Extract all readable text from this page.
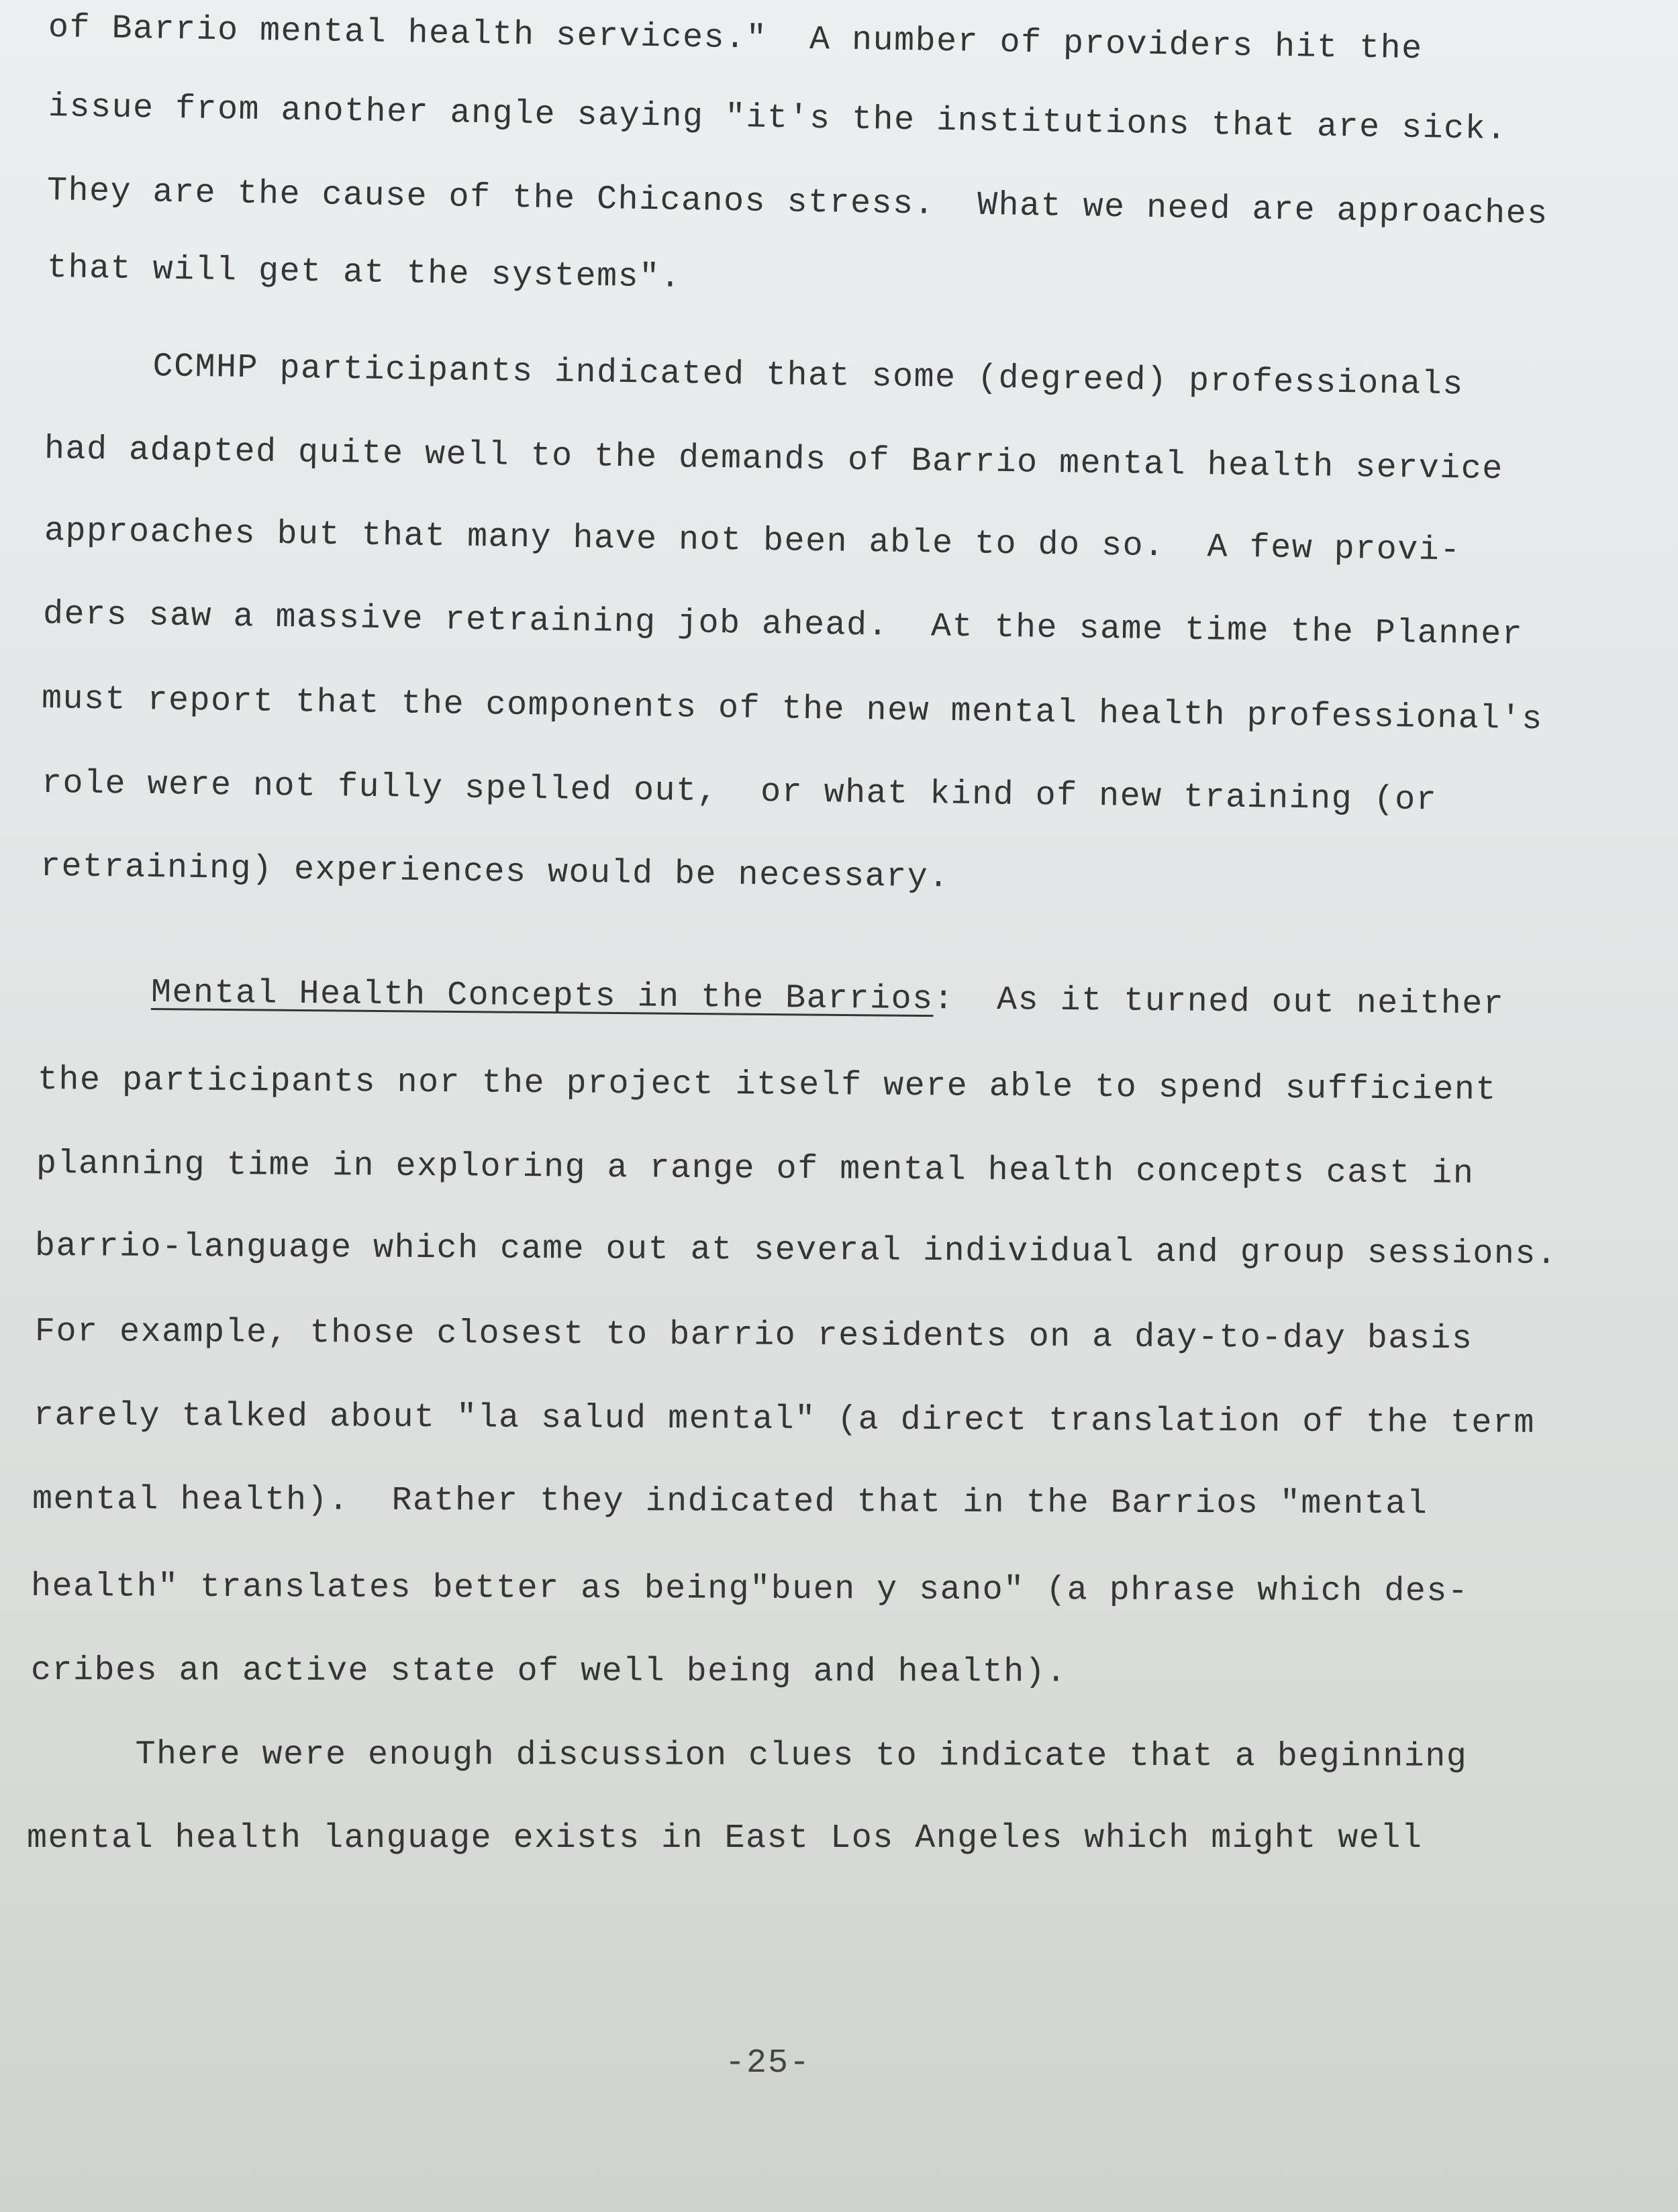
of Barrio mental health services."  A number of providers hit the
issue from another angle saying "it's the institutions that are sick.
They are the cause of the Chicanos stress.  What we need are approaches
that will get at the systems".
CCMHP participants indicated that some (degreed) professionals
had adapted quite well to the demands of Barrio mental health service
approaches but that many have not been able to do so.  A few provi-
ders saw a massive retraining job ahead.  At the same time the Planner
must report that the components of the new mental health professional's
role were not fully spelled out,  or what kind of new training (or
retraining) experiences would be necessary.
Mental Health Concepts in the Barrios:  As it turned out neither
the participants nor the project itself were able to spend sufficient
planning time in exploring a range of mental health concepts cast in
barrio-language which came out at several individual and group sessions.
For example, those closest to barrio residents on a day-to-day basis
rarely talked about "la salud mental" (a direct translation of the term
mental health).  Rather they indicated that in the Barrios "mental
health" translates better as being"buen y sano" (a phrase which des-
cribes an active state of well being and health).
There were enough discussion clues to indicate that a beginning
mental health language exists in East Los Angeles which might well
-25-
